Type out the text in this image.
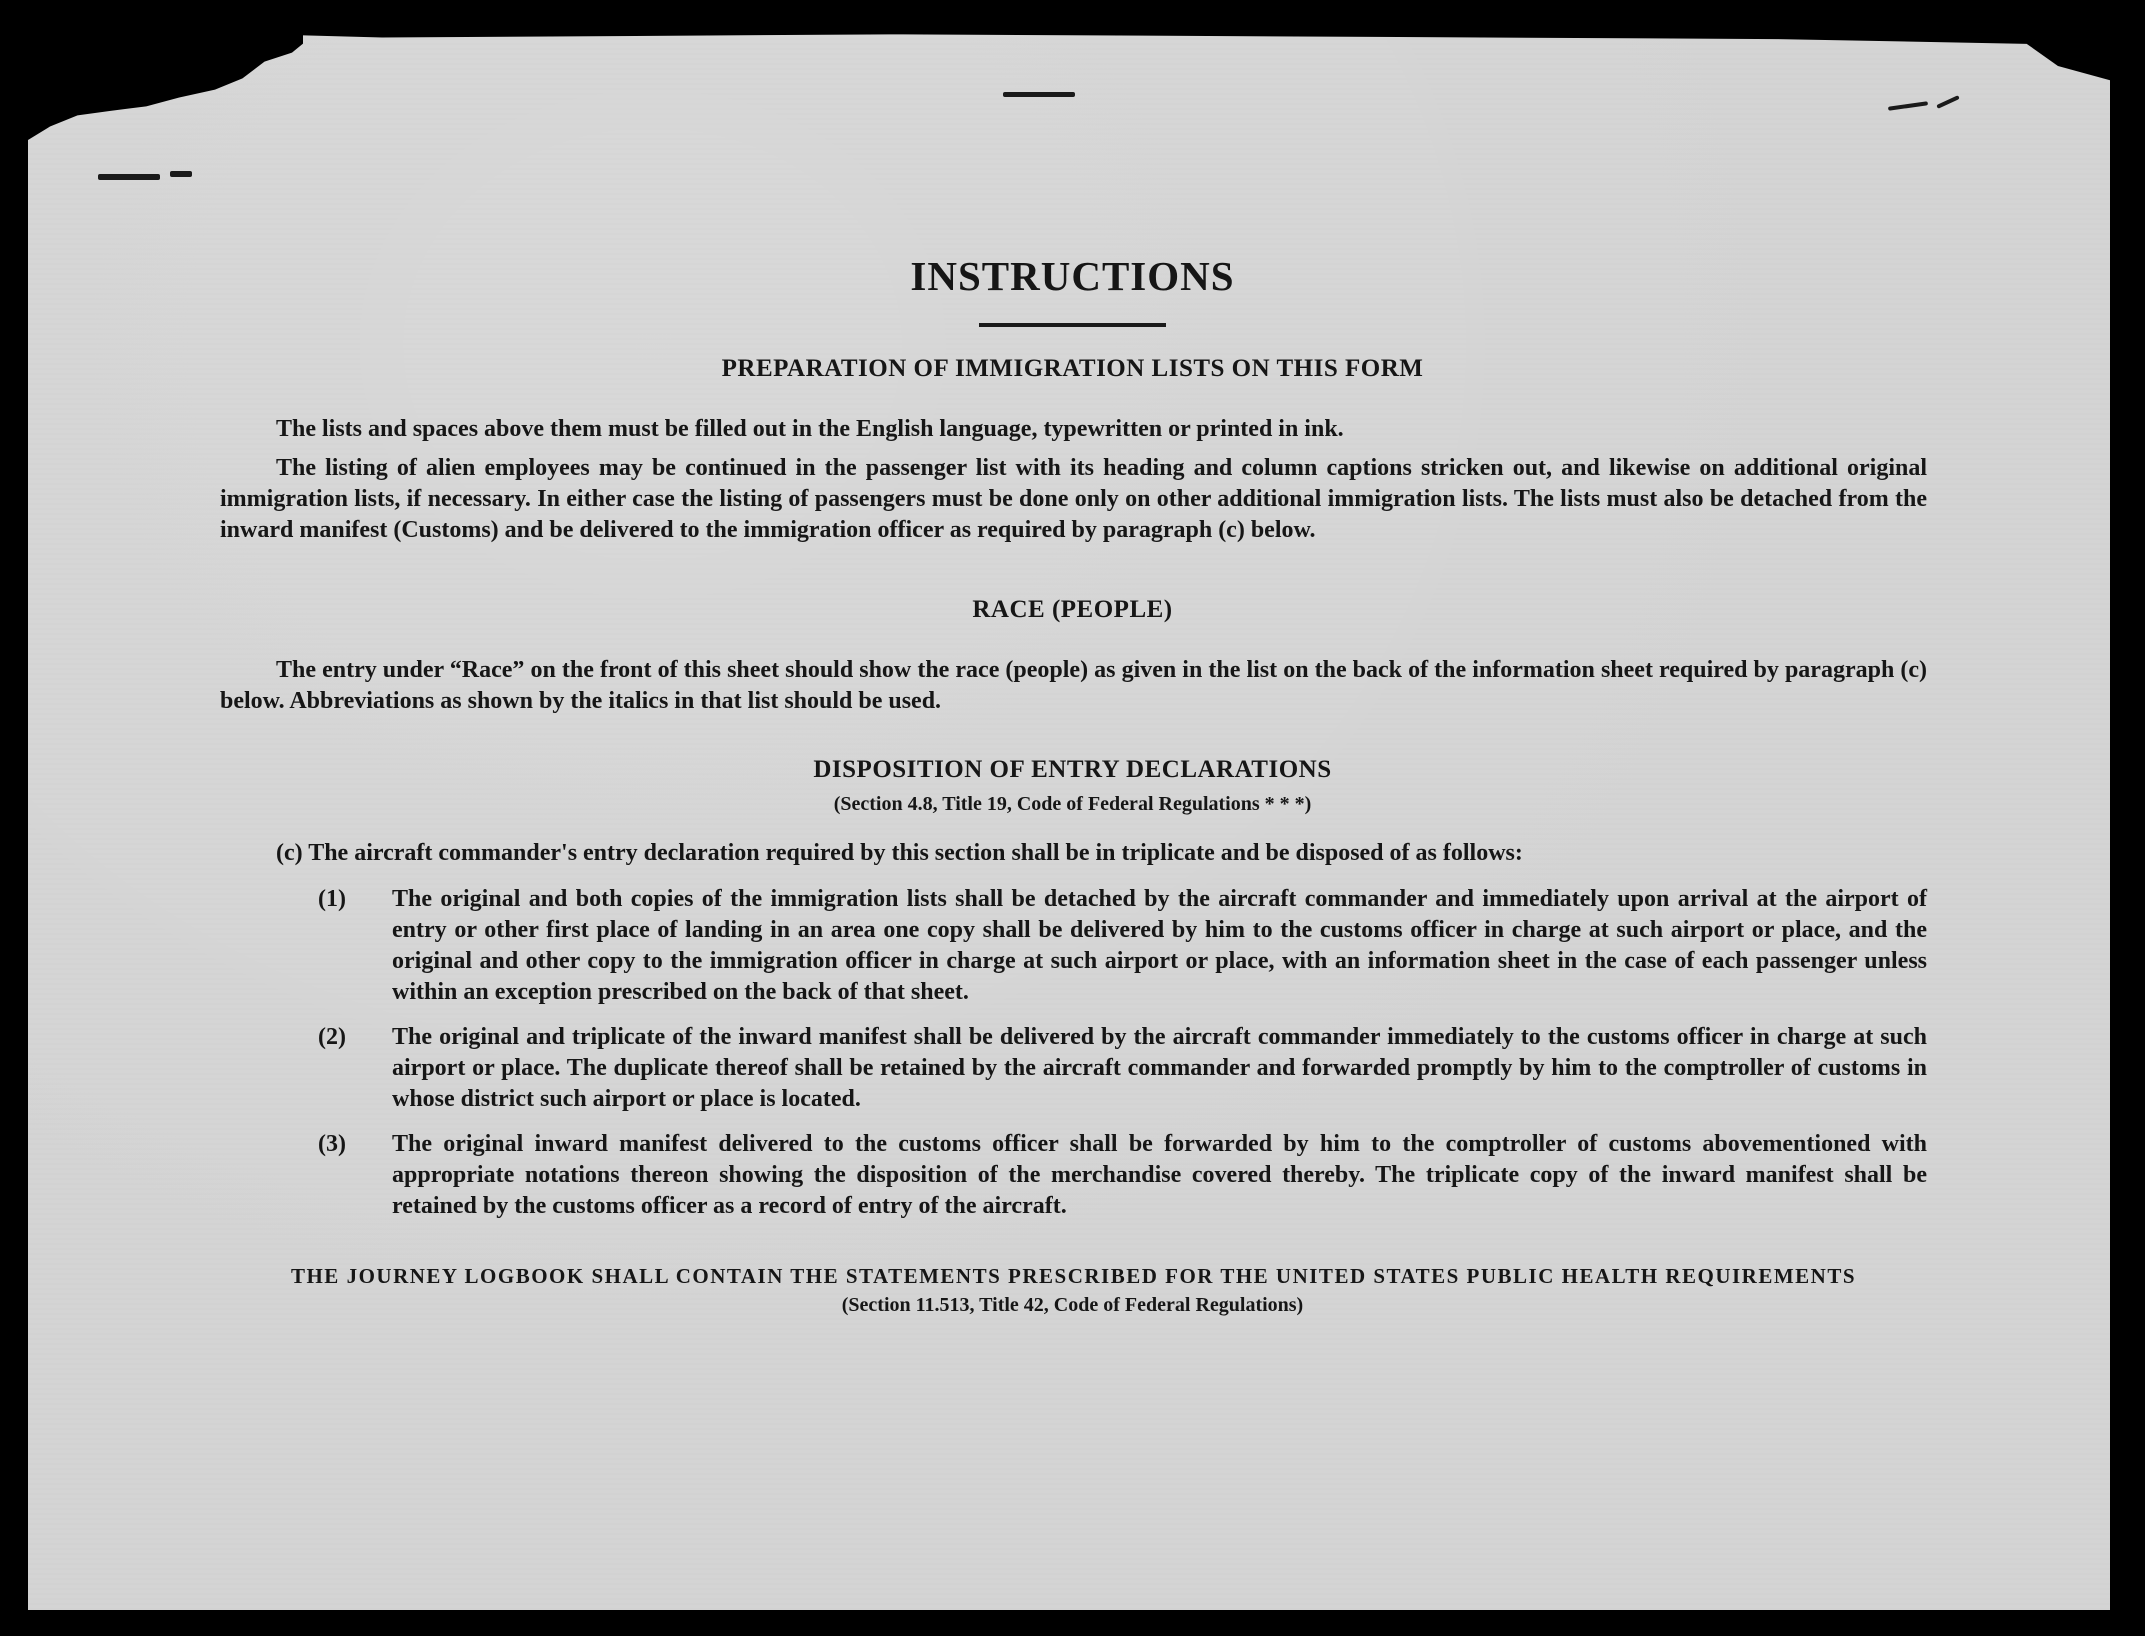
INSTRUCTIONS
PREPARATION OF IMMIGRATION LISTS ON THIS FORM
The lists and spaces above them must be filled out in the English language, typewritten or printed in ink.
The listing of alien employees may be continued in the passenger list with its heading and column captions stricken out, and likewise on additional original immigration lists, if necessary. In either case the listing of passengers must be done only on other additional immigration lists. The lists must also be detached from the inward manifest (Customs) and be delivered to the immigration officer as required by paragraph (c) below.
RACE (PEOPLE)
The entry under “Race” on the front of this sheet should show the race (people) as given in the list on the back of the information sheet required by paragraph (c) below. Abbreviations as shown by the italics in that list should be used.
DISPOSITION OF ENTRY DECLARATIONS
(Section 4.8, Title 19, Code of Federal Regulations * * *)
(c) The aircraft commander's entry declaration required by this section shall be in triplicate and be disposed of as follows:
(1) The original and both copies of the immigration lists shall be detached by the aircraft commander and immediately upon arrival at the airport of entry or other first place of landing in an area one copy shall be delivered by him to the customs officer in charge at such airport or place, and the original and other copy to the immigration officer in charge at such airport or place, with an information sheet in the case of each passenger unless within an exception prescribed on the back of that sheet.
(2) The original and triplicate of the inward manifest shall be delivered by the aircraft commander immediately to the customs officer in charge at such airport or place. The duplicate thereof shall be retained by the aircraft commander and forwarded promptly by him to the comptroller of customs in whose district such airport or place is located.
(3) The original inward manifest delivered to the customs officer shall be forwarded by him to the comptroller of customs abovementioned with appropriate notations thereon showing the disposition of the merchandise covered thereby. The triplicate copy of the inward manifest shall be retained by the customs officer as a record of entry of the aircraft.
THE JOURNEY LOGBOOK SHALL CONTAIN THE STATEMENTS PRESCRIBED FOR THE UNITED STATES PUBLIC HEALTH REQUIREMENTS
(Section 11.513, Title 42, Code of Federal Regulations)
